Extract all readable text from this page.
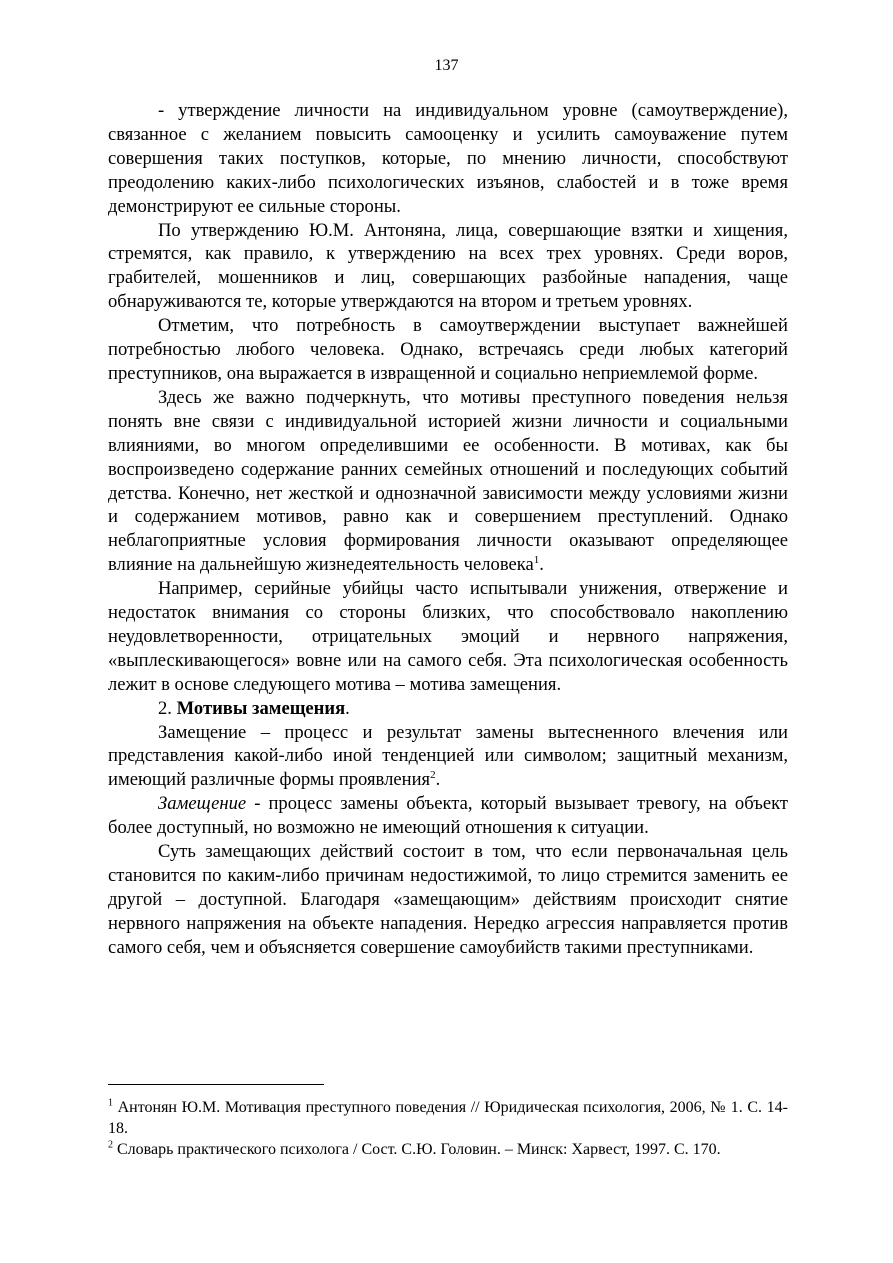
137

- утверждение личности на индивидуальном уровне (самоутверждение), связанное с желанием повысить самооценку и усилить самоуважение путем совершения таких поступков, которые, по мнению личности, способствуют преодолению каких-либо психологических изъянов, слабостей и в тоже время демонстрируют ее сильные стороны.

По утверждению Ю.М. Антоняна, лица, совершающие взятки и хищения, стремятся, как правило, к утверждению на всех трех уровнях. Среди воров, грабителей, мошенников и лиц, совершающих разбойные нападения, чаще обнаруживаются те, которые утверждаются на втором и третьем уровнях.

Отметим, что потребность в самоутверждении выступает важнейшей потребностью любого человека. Однако, встречаясь среди любых категорий преступников, она выражается в извращенной и социально неприемлемой форме.

Здесь же важно подчеркнуть, что мотивы преступного поведения нельзя понять вне связи с индивидуальной историей жизни личности и социальными влияниями, во многом определившими ее особенности. В мотивах, как бы воспроизведено содержание ранних семейных отношений и последующих событий детства. Конечно, нет жесткой и однозначной зависимости между условиями жизни и содержанием мотивов, равно как и совершением преступлений. Однако неблагоприятные условия формирования личности оказывают определяющее влияние на дальнейшую жизнедеятельность человека$^1$.

Например, серийные убийцы часто испытывали унижения, отвержение и недостаток внимания со стороны близких, что способствовало накоплению неудовлетворенности, отрицательных эмоций и нервного напряжения, «выплескивающегося» вовне или на самого себя. Эта психологическая особенность лежит в основе следующего мотива – мотива замещения.

2. Мотивы замещения.

Замещение – процесс и результат замены вытесненного влечения или представления какой-либо иной тенденцией или символом; защитный механизм, имеющий различные формы проявления$^2$.

Замещение - процесс замены объекта, который вызывает тревогу, на объект более доступный, но возможно не имеющий отношения к ситуации.

Суть замещающих действий состоит в том, что если первоначальная цель становится по каким-либо причинам недостижимой, то лицо стремится заменить ее другой – доступной. Благодаря «замещающим» действиям происходит снятие нервного напряжения на объекте нападения. Нередко агрессия направляется против самого себя, чем и объясняется совершение самоубийств такими преступниками.

$^1$ Антонян Ю.М. Мотивация преступного поведения // Юридическая психология, 2006, № 1. С. 14-18.

$^2$ Словарь практического психолога / Сост. С.Ю. Головин. – Минск: Харвест, 1997. С. 170.
